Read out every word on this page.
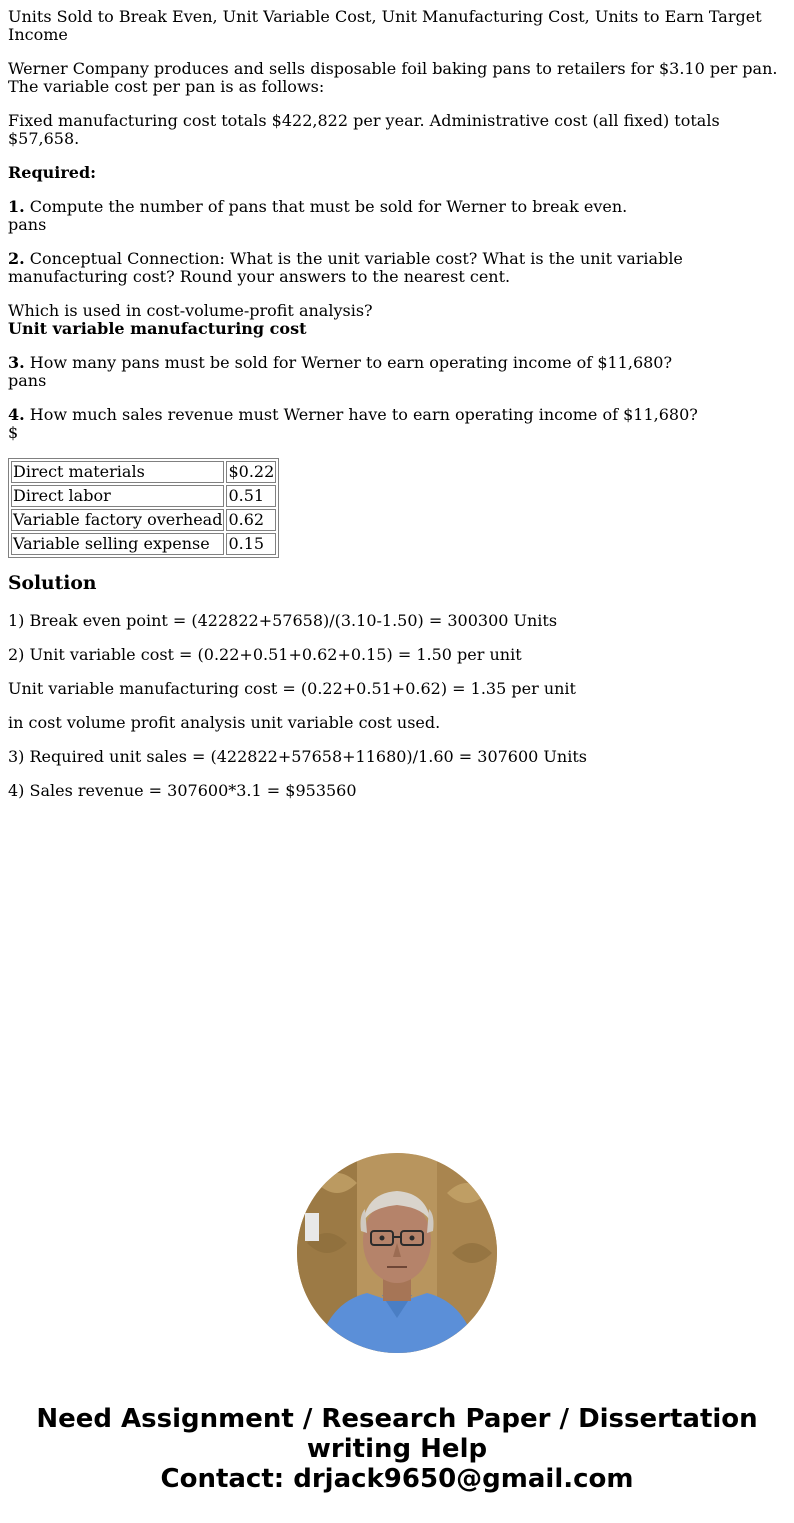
Units Sold to Break Even, Unit Variable Cost, Unit Manufacturing Cost, Units to Earn Target Income

Werner Company produces and sells disposable foil baking pans to retailers for $3.10 per pan. The variable cost per pan is as follows:

Fixed manufacturing cost totals $422,822 per year. Administrative cost (all fixed) totals $57,658.

Required:

1. Compute the number of pans that must be sold for Werner to break even.
pans

2. Conceptual Connection: What is the unit variable cost? What is the unit variable manufacturing cost? Round your answers to the nearest cent.

Which is used in cost-volume-profit analysis?
Unit variable manufacturing cost

3. How many pans must be sold for Werner to earn operating income of $11,680?
pans

4. How much sales revenue must Werner have to earn operating income of $11,680?
$

Direct materials	$0.22
Direct labor	0.51
Variable factory overhead	0.62
Variable selling expense	0.15
Solution

1) Break even point = (422822+57658)/(3.10-1.50) = 300300 Units

2) Unit variable cost = (0.22+0.51+0.62+0.15) = 1.50 per unit

Unit variable manufacturing cost = (0.22+0.51+0.62) = 1.35 per unit

in cost volume profit analysis unit variable cost used.

3) Required unit sales = (422822+57658+11680)/1.60 = 307600 Units

4) Sales revenue = 307600*3.1 = $953560

Need Assignment / Research Paper / Dissertation
writing Help
Contact: drjack9650@gmail.com
